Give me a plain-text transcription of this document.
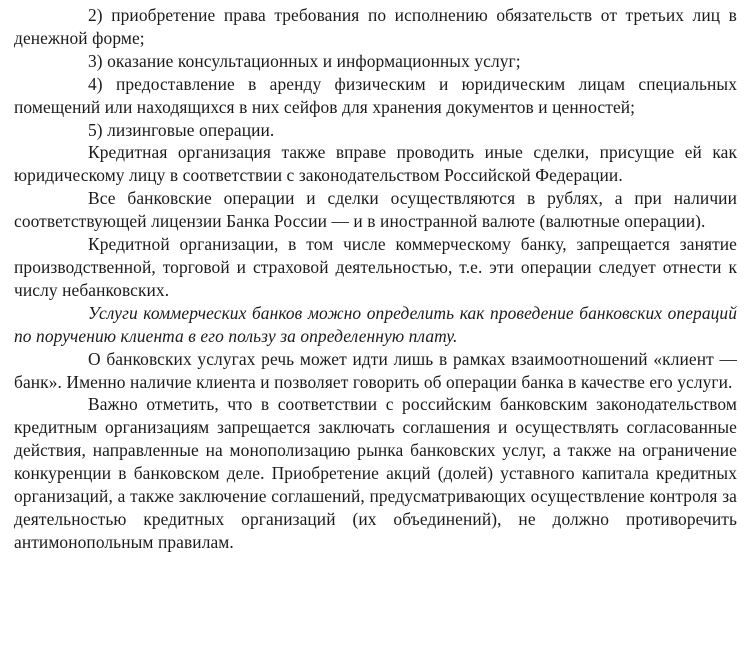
2) приобретение права требования по исполнению обязательств от третьих лиц в денежной форме;

3) оказание консультационных и информационных услуг;

4) предоставление в аренду физическим и юридическим лицам специальных помещений или находящихся в них сейфов для хранения документов и ценностей;

5) лизинговые операции.

Кредитная организация также вправе проводить иные сделки, присущие ей как юридическому лицу в соответствии с законодательством Российской Федерации.

Все банковские операции и сделки осуществляются в рублях, а при наличии соответствующей лицензии Банка России — и в иностранной валюте (валютные операции).

Кредитной организации, в том числе коммерческому банку, запрещается занятие производственной, торговой и страховой деятельностью, т.е. эти операции следует отнести к числу небанковских.

Услуги коммерческих банков можно определить как проведение банковских операций по поручению клиента в его пользу за определенную плату.

О банковских услугах речь может идти лишь в рамках взаимоотношений «клиент — банк». Именно наличие клиента и позволяет говорить об операции банка в качестве его услуги.

Важно отметить, что в соответствии с российским банковским законодательством кредитным организациям запрещается заключать соглашения и осуществлять согласованные действия, направленные на монополизацию рынка банковских услуг, а также на ограничение конкуренции в банковском деле. Приобретение акций (долей) уставного капитала кредитных организаций, а также заключение соглашений, предусматривающих осуществление контроля за деятельностью кредитных организаций (их объединений), не должно противоречить антимонопольным правилам.
